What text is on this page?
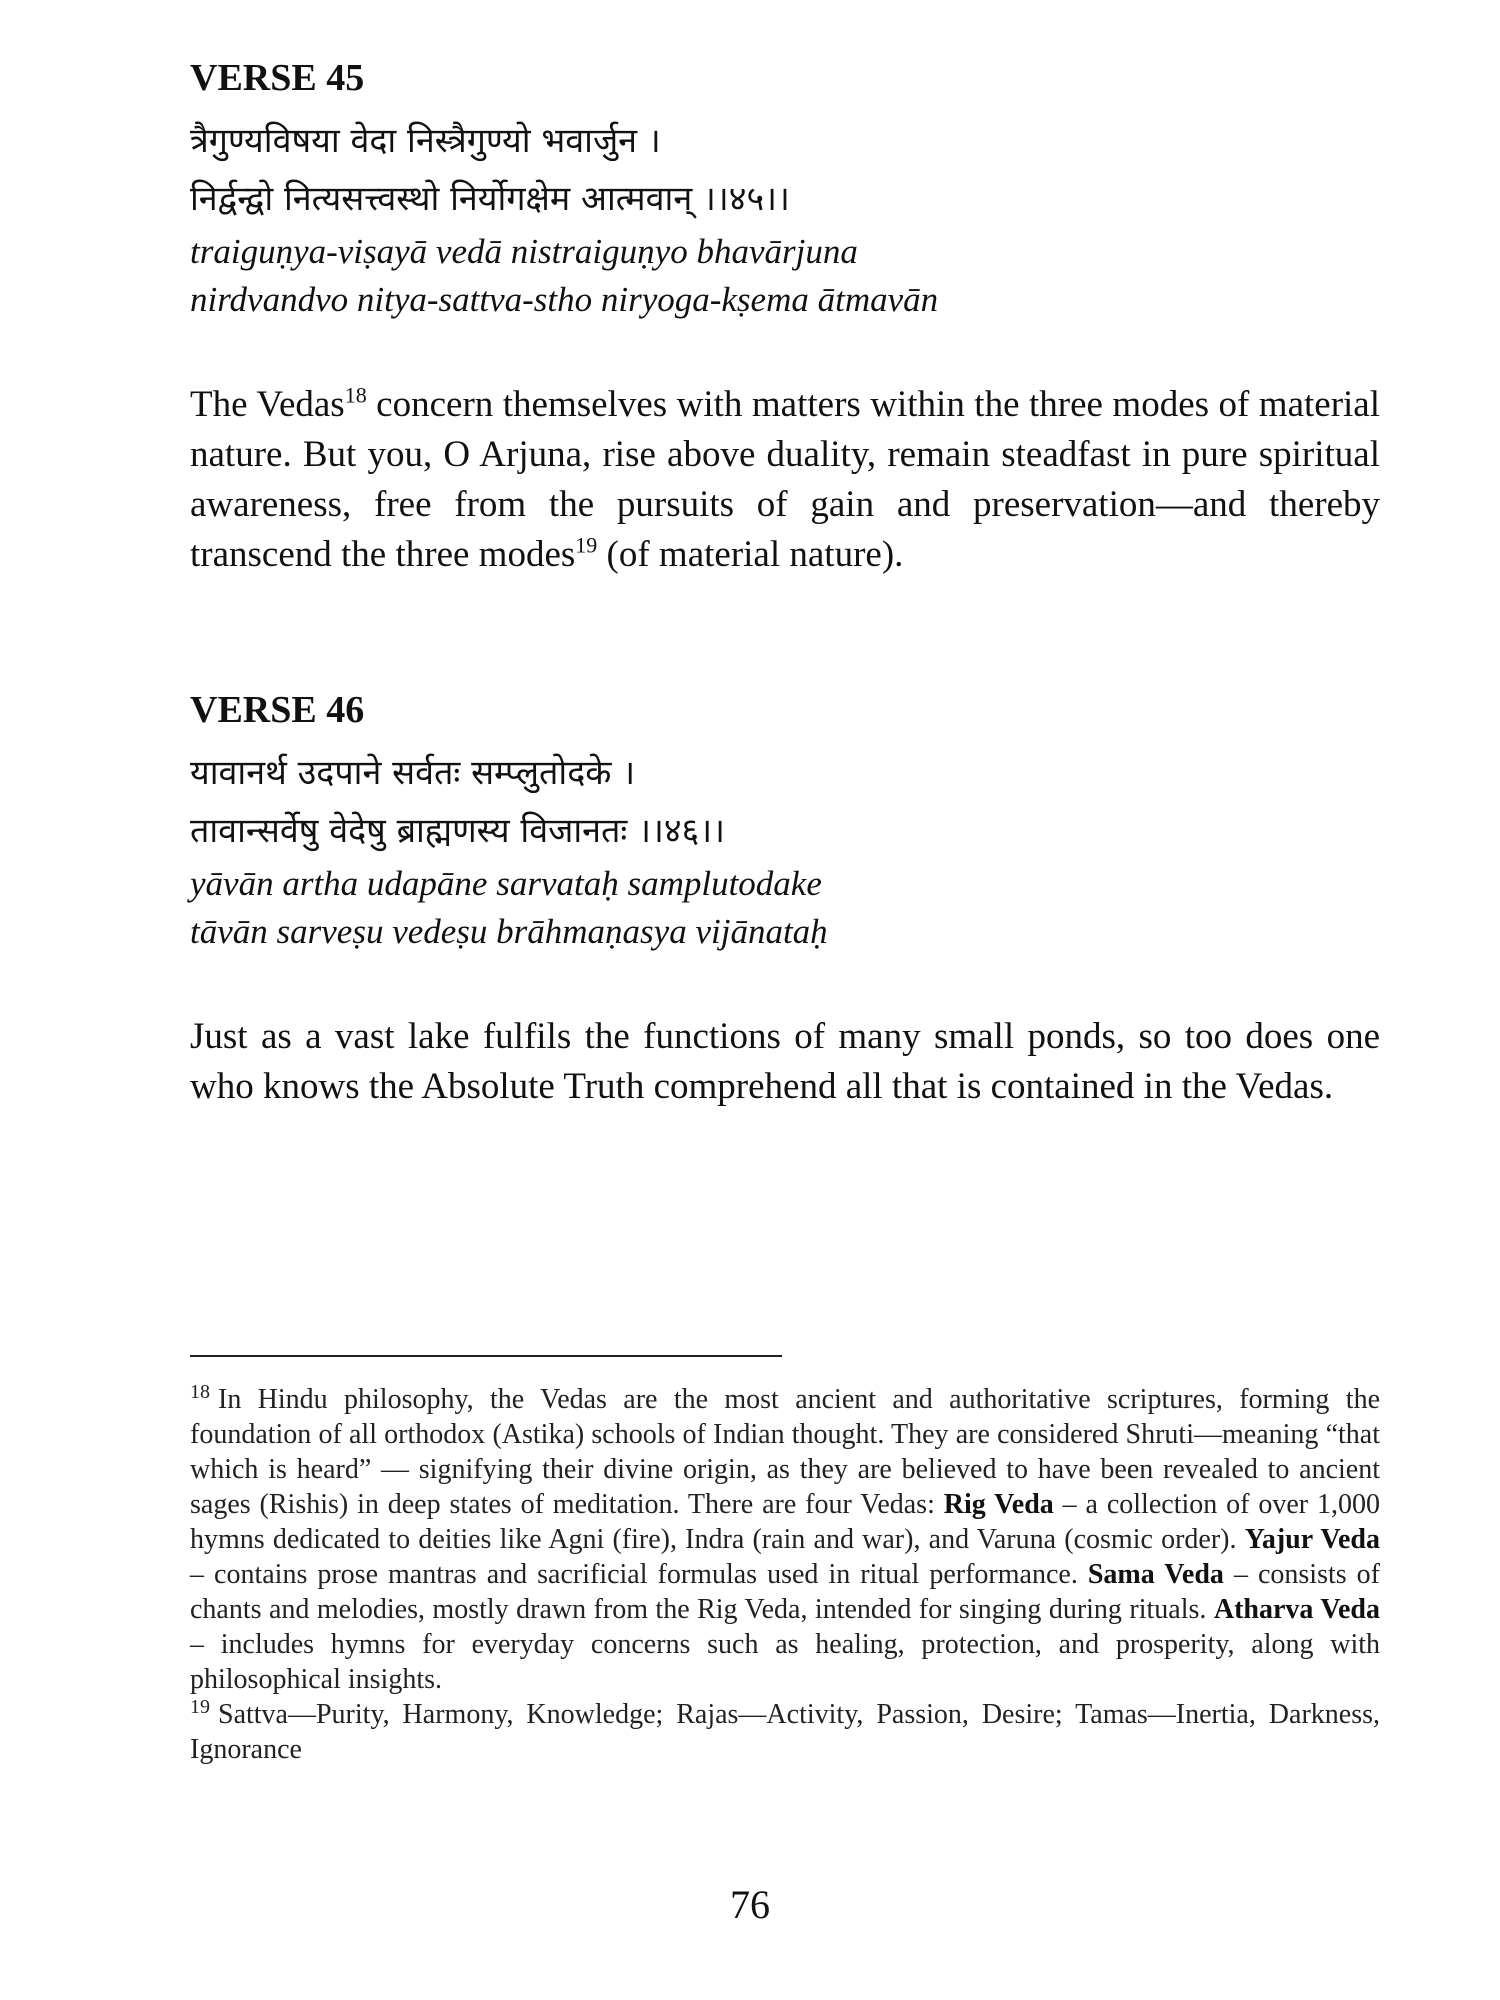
VERSE 45

त्रैगुण्यविषया वेदा निस्त्रैगुण्यो भवार्जुन ।

निर्द्वन्द्वो नित्यसत्त्वस्थो निर्योगक्षेम आत्मवान् ।।४५।।

traiguṇya-viṣayā vedā nistraiguṇyo bhavārjuna

nirdvandvo nitya-sattva-stho niryoga-kṣema ātmavān

The Vedas$^{18}$ concern themselves with matters within the three modes of material nature. But you, O Arjuna, rise above duality, remain steadfast in pure spiritual awareness, free from the pursuits of gain and preservation—and thereby transcend the three modes$^{19}$ (of material nature).

VERSE 46

यावानर्थ उदपाने सर्वतः सम्प्लुतोदके ।

तावान्सर्वेषु वेदेषु ब्राह्मणस्य विजानतः ।।४६।।

yāvān artha udapāne sarvataḥ samplutodake

tāvān sarveṣu vedeṣu brāhmaṇasya vijānataḥ

Just as a vast lake fulfils the functions of many small ponds, so too does one who knows the Absolute Truth comprehend all that is contained in the Vedas.

$^{18}$ In Hindu philosophy, the Vedas are the most ancient and authoritative scriptures, forming the foundation of all orthodox (Astika) schools of Indian thought. They are considered Shruti—meaning “that which is heard” — signifying their divine origin, as they are believed to have been revealed to ancient sages (Rishis) in deep states of meditation. There are four Vedas: Rig Veda – a collection of over 1,000 hymns dedicated to deities like Agni (fire), Indra (rain and war), and Varuna (cosmic order). Yajur Veda – contains prose mantras and sacrificial formulas used in ritual performance. Sama Veda – consists of chants and melodies, mostly drawn from the Rig Veda, intended for singing during rituals. Atharva Veda – includes hymns for everyday concerns such as healing, protection, and prosperity, along with philosophical insights.

$^{19}$ Sattva—Purity, Harmony, Knowledge; Rajas—Activity, Passion, Desire; Tamas—Inertia, Darkness, Ignorance

76
